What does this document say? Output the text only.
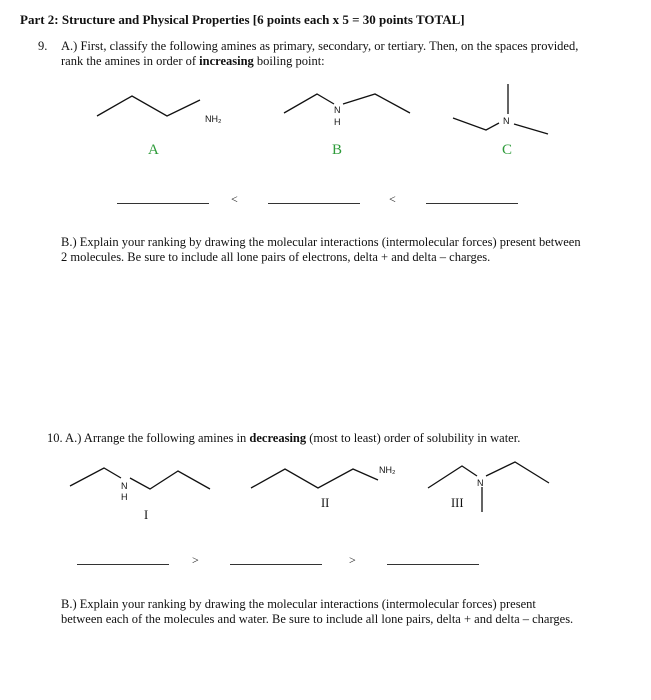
Part 2: Structure and Physical Properties [6 points each x 5 = 30 points TOTAL]
9. A.) First, classify the following amines as primary, secondary, or tertiary. Then, on the spaces provided,
rank the amines in order of increasing boiling point:
NH₂
N
H	N
N
H
NH₂
N
A	B	C
<	<
B.) Explain your ranking by drawing the molecular interactions (intermolecular forces) present between
2 molecules. Be sure to include all lone pairs of electrons, delta + and delta – charges.
10. A.) Arrange the following amines in decreasing (most to least) order of solubility in water.
I
II	III
>	>
B.) Explain your ranking by drawing the molecular interactions (intermolecular forces) present
between each of the molecules and water. Be sure to include all lone pairs, delta + and delta – charges.
